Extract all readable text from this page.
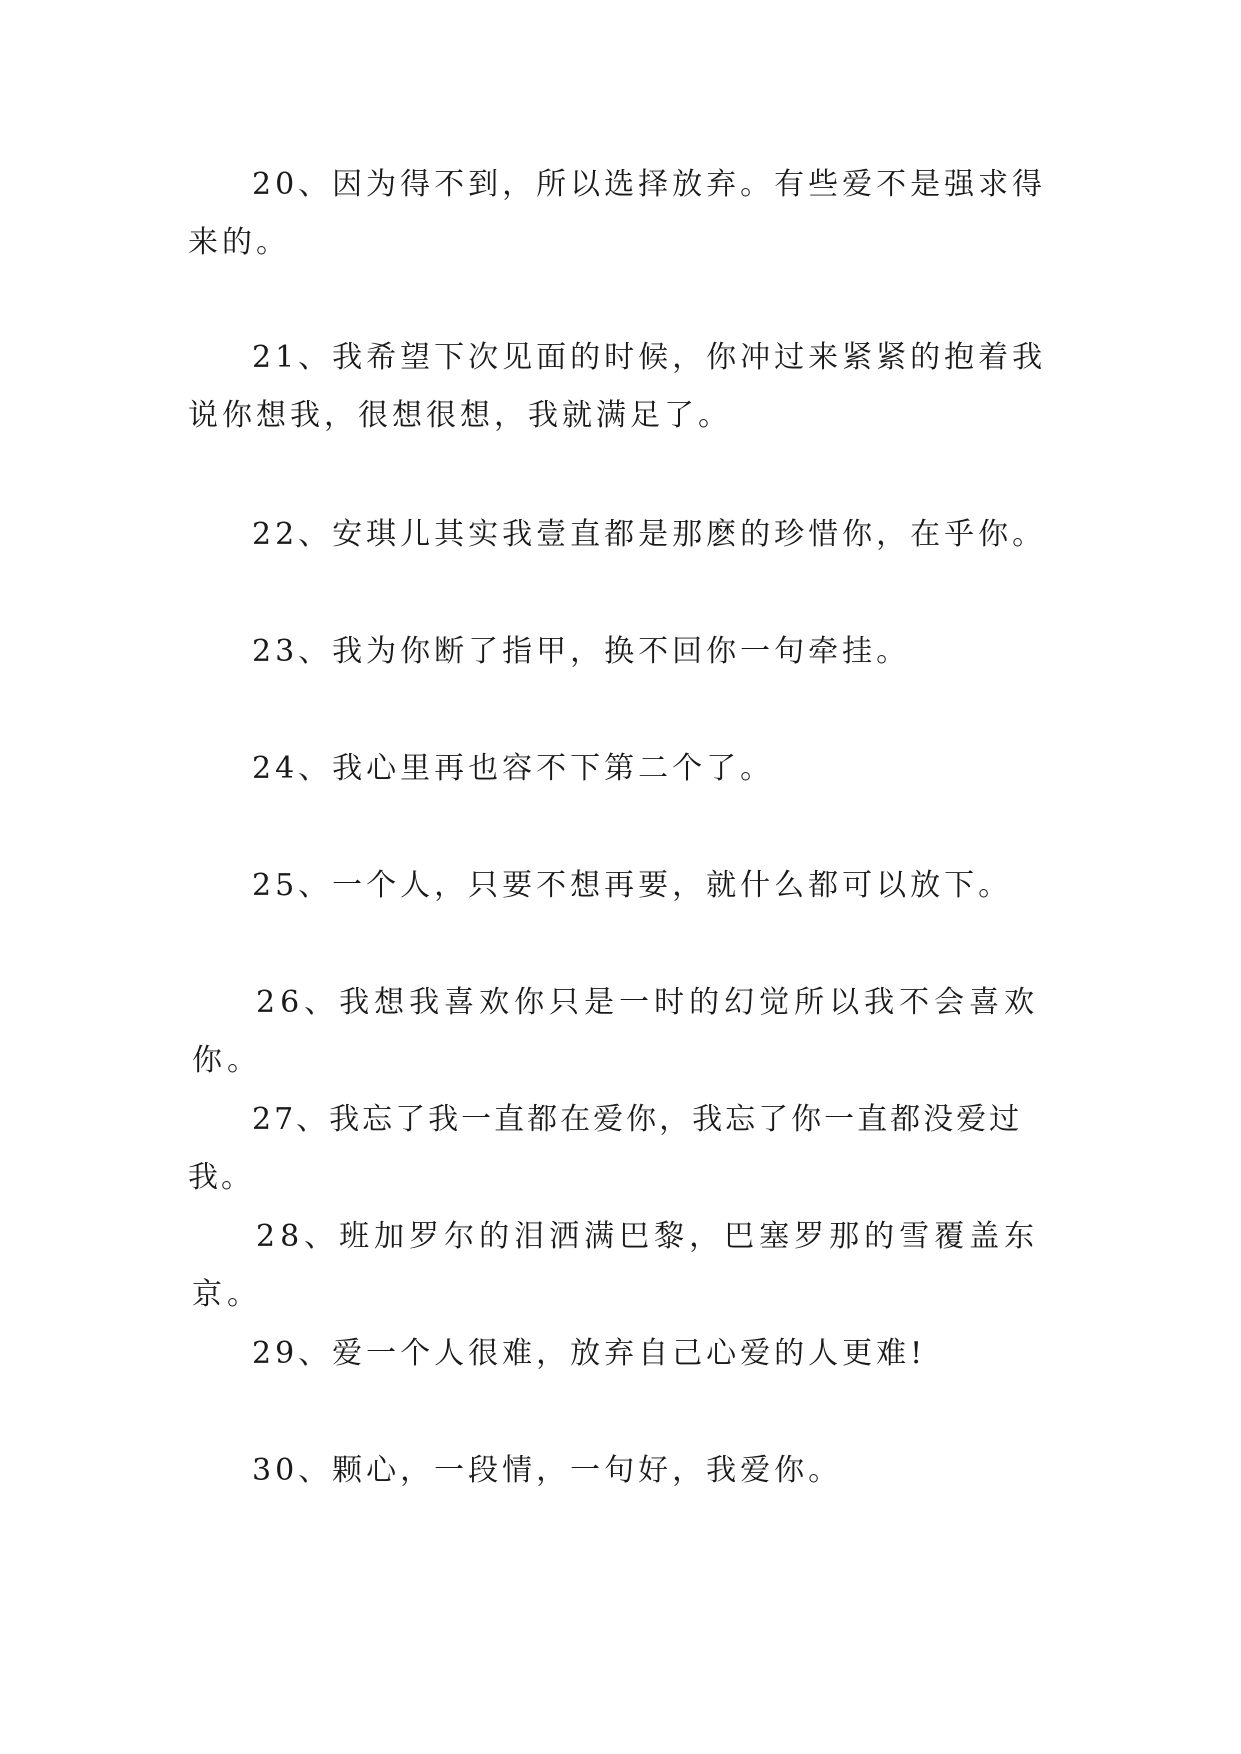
20、因为得不到，所以选择放弃。有些爱不是强求得来的。

21、我希望下次见面的时候，你冲过来紧紧的抱着我说你想我，很想很想，我就满足了。

22、安琪儿其实我壹直都是那麽的珍惜你，在乎你。

23、我为你断了指甲，换不回你一句牵挂。

24、我心里再也容不下第二个了。

25、一个人，只要不想再要，就什么都可以放下。

26、我想我喜欢你只是一时的幻觉所以我不会喜欢你。

27、我忘了我一直都在爱你，我忘了你一直都没爱过我。

28、班加罗尔的泪洒满巴黎，巴塞罗那的雪覆盖东京。

29、爱一个人很难，放弃自己心爱的人更难!

30、颗心，一段情，一句好，我爱你。
